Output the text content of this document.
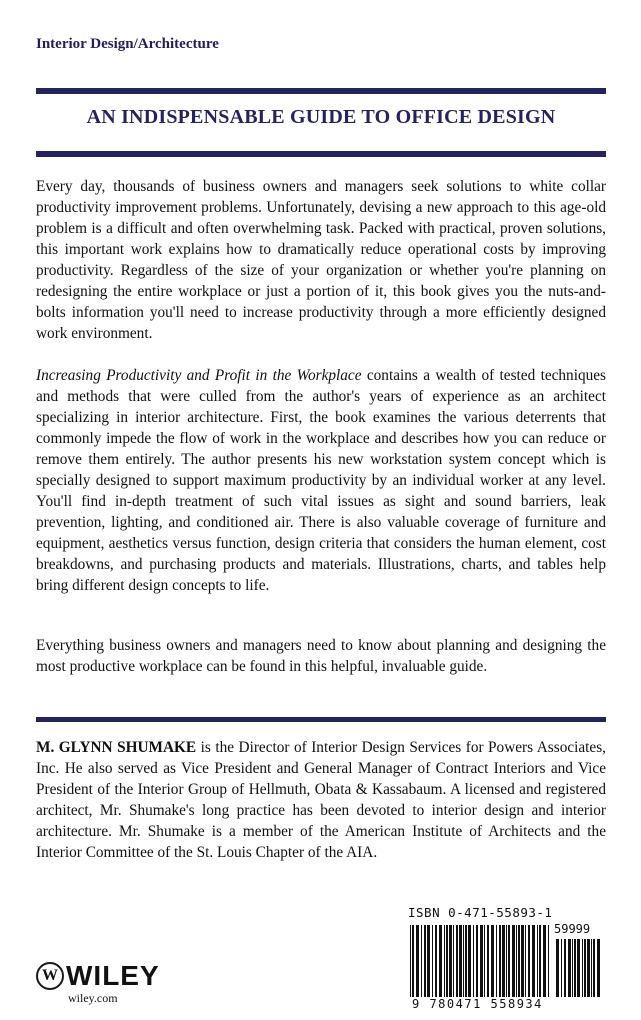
Interior Design/Architecture
AN INDISPENSABLE GUIDE TO OFFICE DESIGN

Every day, thousands of business owners and managers seek solutions to white collar productivity improvement problems. Unfortunately, devising a new approach to this age-old problem is a difficult and often overwhelming task. Packed with practical, proven solutions, this important work explains how to dramatically reduce operational costs by improving productivity. Regardless of the size of your organization or whether you're planning on redesigning the entire workplace or just a portion of it, this book gives you the nuts-and-bolts information you'll need to increase productivity through a more efficiently designed work environment.

Increasing Productivity and Profit in the Workplace contains a wealth of tested techniques and methods that were culled from the author's years of experience as an architect specializing in interior architecture. First, the book examines the various deterrents that commonly impede the flow of work in the workplace and describes how you can reduce or remove them entirely. The author presents his new workstation system concept which is specially designed to support maximum productivity by an individual worker at any level. You'll find in-depth treatment of such vital issues as sight and sound barriers, leak prevention, lighting, and conditioned air. There is also valuable coverage of furniture and equipment, aesthetics versus function, design criteria that considers the human element, cost breakdowns, and purchasing products and materials. Illustrations, charts, and tables help bring different design concepts to life.

Everything business owners and managers need to know about planning and designing the most productive workplace can be found in this helpful, invaluable guide.

M. GLYNN SHUMAKE is the Director of Interior Design Services for Powers Associates, Inc. He also served as Vice President and General Manager of Contract Interiors and Vice President of the Interior Group of Hellmuth, Obata & Kassabaum. A licensed and registered architect, Mr. Shumake's long practice has been devoted to interior design and interior architecture. Mr. Shumake is a member of the American Institute of Architects and the Interior Committee of the St. Louis Chapter of the AIA.

W WILEY
wiley.com
ISBN 0-471-55893-1
59999
9 780471 558934
